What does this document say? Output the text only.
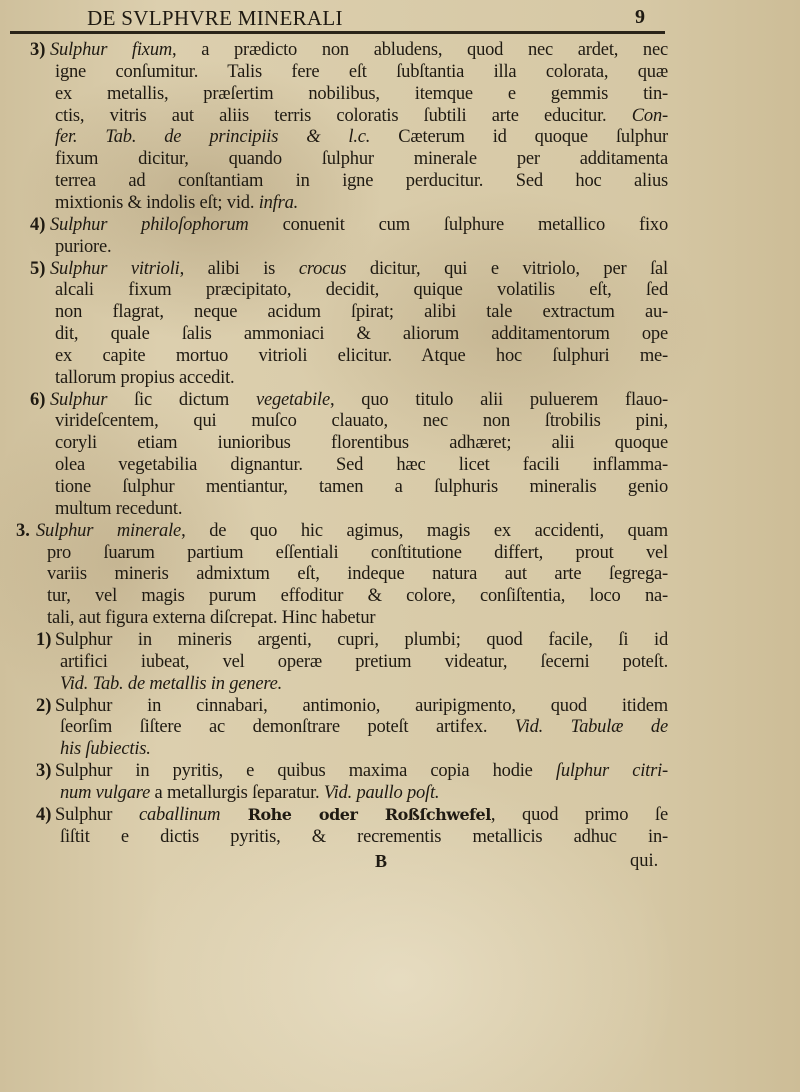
DE SVLPHVRE MINERALI	9
3) Sulphur fixum, a prædicto non abludens, quod nec ardet, nec
igne conſumitur. Talis fere eſt ſubſtantia illa colorata, quæ
ex metallis, præſertim nobilibus, itemque e gemmis tin-
ctis, vitris aut aliis terris coloratis ſubtili arte educitur. Con-
fer. Tab. de principiis & l.c. Cæterum id quoque ſulphur
fixum dicitur, quando ſulphur minerale per additamenta
terrea ad conſtantiam in igne perducitur. Sed hoc alius
mixtionis & indolis eſt; vid. infra.
4) Sulphur philoſophorum conuenit cum ſulphure metallico fixo
puriore.
5) Sulphur vitrioli, alibi is crocus dicitur, qui e vitriolo, per ſal
alcali fixum præcipitato, decidit, quique volatilis eſt, ſed
non flagrat, neque acidum ſpirat; alibi tale extractum au-
dit, quale ſalis ammoniaci & aliorum additamentorum ope
ex capite mortuo vitrioli elicitur. Atque hoc ſulphuri me-
tallorum propius accedit.
6) Sulphur ſic dictum vegetabile, quo titulo alii puluerem flauo-
virideſcentem, qui muſco clauato, nec non ſtrobilis pini,
coryli etiam iunioribus florentibus adhæret; alii quoque
olea vegetabilia dignantur. Sed hæc licet facili inflamma-
tione ſulphur mentiantur, tamen a ſulphuris mineralis genio
multum recedunt.
3. Sulphur minerale, de quo hic agimus, magis ex accidenti, quam
pro ſuarum partium eſſentiali conſtitutione differt, prout vel
variis mineris admixtum eſt, indeque natura aut arte ſegrega-
tur, vel magis purum effoditur & colore, conſiſtentia, loco na-
tali, aut figura externa diſcrepat. Hinc habetur
1) Sulphur in mineris argenti, cupri, plumbi; quod facile, ſi id
artifici iubeat, vel operæ pretium videatur, ſecerni poteſt.
Vid. Tab. de metallis in genere.
2) Sulphur in cinnabari, antimonio, auripigmento, quod itidem
ſeorſim ſiſtere ac demonſtrare poteſt artifex. Vid. Tabulæ de
his ſubiectis.
3) Sulphur in pyritis, e quibus maxima copia hodie ſulphur citri-
num vulgare a metallurgis ſeparatur. Vid. paullo poſt.
4) Sulphur caballinum Rohe oder Roßſchwefel, quod primo ſe
ſiſtit e dictis pyritis, & recrementis metallicis adhuc in-
B	qui.
